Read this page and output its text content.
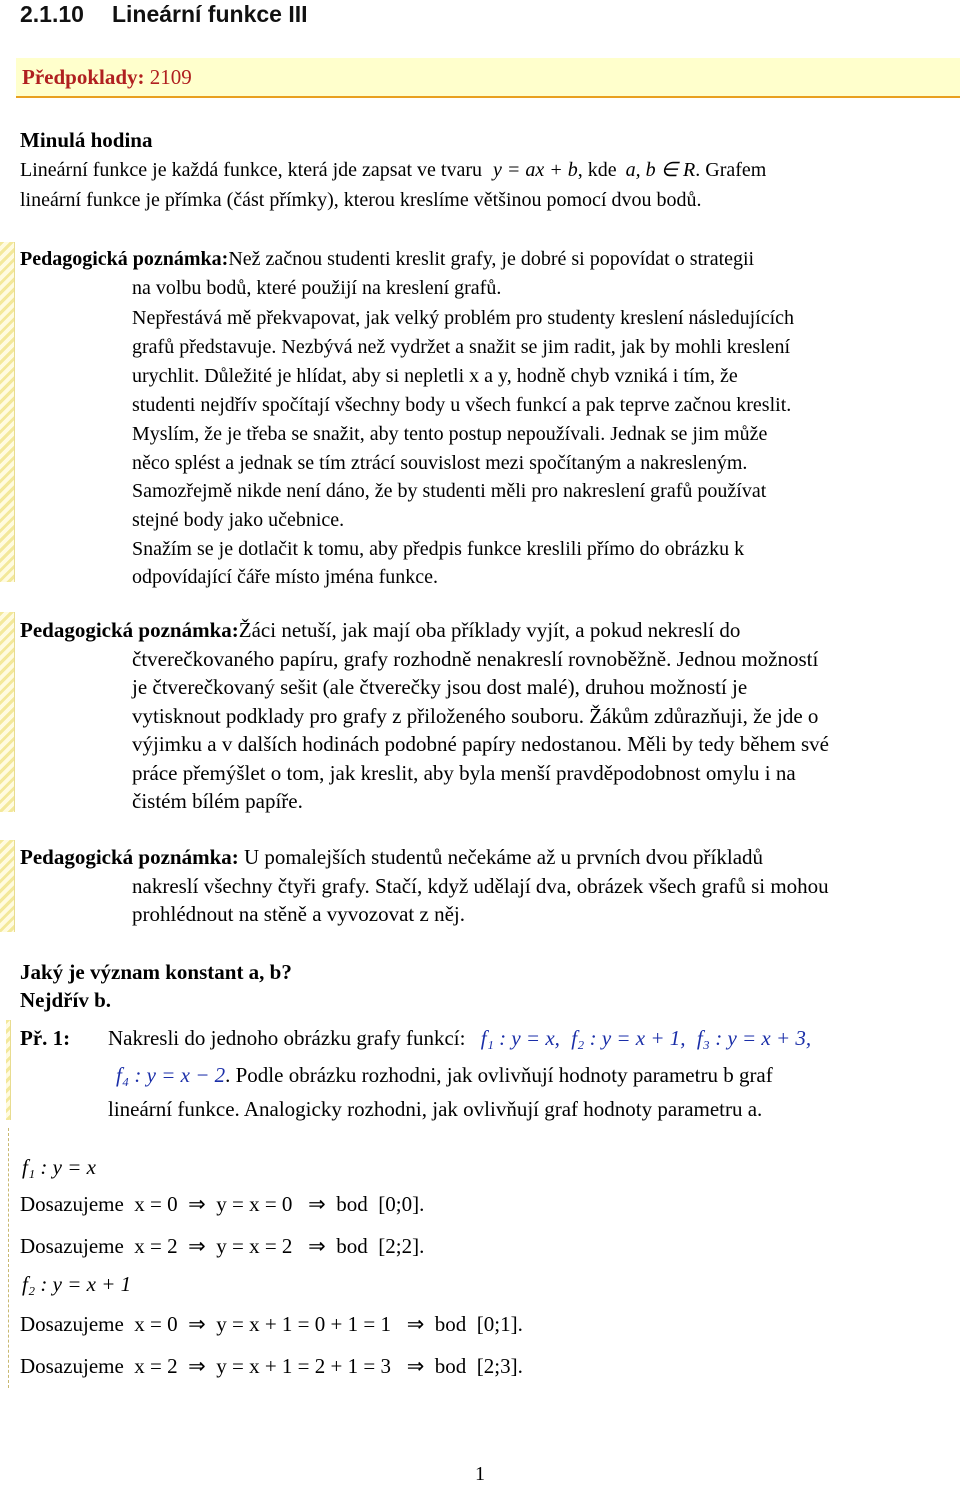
2.1.10 Lineární funkce III
Předpoklady: 2109
Minulá hodina
Lineární funkce je každá funkce, která jde zapsat ve tvaru y = ax + b, kde a, b ∈ R. Grafem
lineární funkce je přímka (část přímky), kterou kreslíme většinou pomocí dvou bodů.
Pedagogická poznámka:Než začnou studenti kreslit grafy, je dobré si popovídat o strategii
na volbu bodů, které použijí na kreslení grafů.
Nepřestává mě překvapovat, jak velký problém pro studenty kreslení následujících
grafů představuje. Nezbývá než vydržet a snažit se jim radit, jak by mohli kreslení
urychlit. Důležité je hlídat, aby si nepletli x a y, hodně chyb vzniká i tím, že
studenti nejdřív spočítají všechny body u všech funkcí a pak teprve začnou kreslit.
Myslím, že je třeba se snažit, aby tento postup nepoužívali. Jednak se jim může
něco splést a jednak se tím ztrácí souvislost mezi spočítaným a nakresleným.
Samozřejmě nikde není dáno, že by studenti měli pro nakreslení grafů používat
stejné body jako učebnice.
Snažím se je dotlačit k tomu, aby předpis funkce kreslili přímo do obrázku k
odpovídající čáře místo jména funkce.
Pedagogická poznámka:Žáci netuší, jak mají oba příklady vyjít, a pokud nekreslí do
čtverečkovaného papíru, grafy rozhodně nenakreslí rovnoběžně. Jednou možností
je čtverečkovaný sešit (ale čtverečky jsou dost malé), druhou možností je
vytisknout podklady pro grafy z přiloženého souboru. Žákům zdůrazňuji, že jde o
výjimku a v dalších hodinách podobné papíry nedostanou. Měli by tedy během své
práce přemýšlet o tom, jak kreslit, aby byla menší pravděpodobnost omylu i na
čistém bílém papíře.
Pedagogická poznámka: U pomalejších studentů nečekáme až u prvních dvou příkladů
nakreslí všechny čtyři grafy. Stačí, když udělají dva, obrázek všech grafů si mohou
prohlédnout na stěně a vyvozovat z něj.
Jaký je význam konstant a, b?
Nejdřív b.
Př. 1: Nakresli do jednoho obrázku grafy funkcí: f₁ : y = x, f₂ : y = x + 1, f₃ : y = x + 3,
f₄ : y = x − 2. Podle obrázku rozhodni, jak ovlivňují hodnoty parametru b graf
lineární funkce. Analogicky rozhodni, jak ovlivňují graf hodnoty parametru a.
f₁ : y = x
Dosazujeme  x = 0  ⇒  y = x = 0   ⇒  bod  [0;0].
Dosazujeme  x = 2  ⇒  y = x = 2   ⇒  bod  [2;2].
f₂ : y = x + 1
Dosazujeme  x = 0  ⇒  y = x + 1 = 0 + 1 = 1   ⇒  bod  [0;1].
Dosazujeme  x = 2  ⇒  y = x + 1 = 2 + 1 = 3   ⇒  bod  [2;3].
1
